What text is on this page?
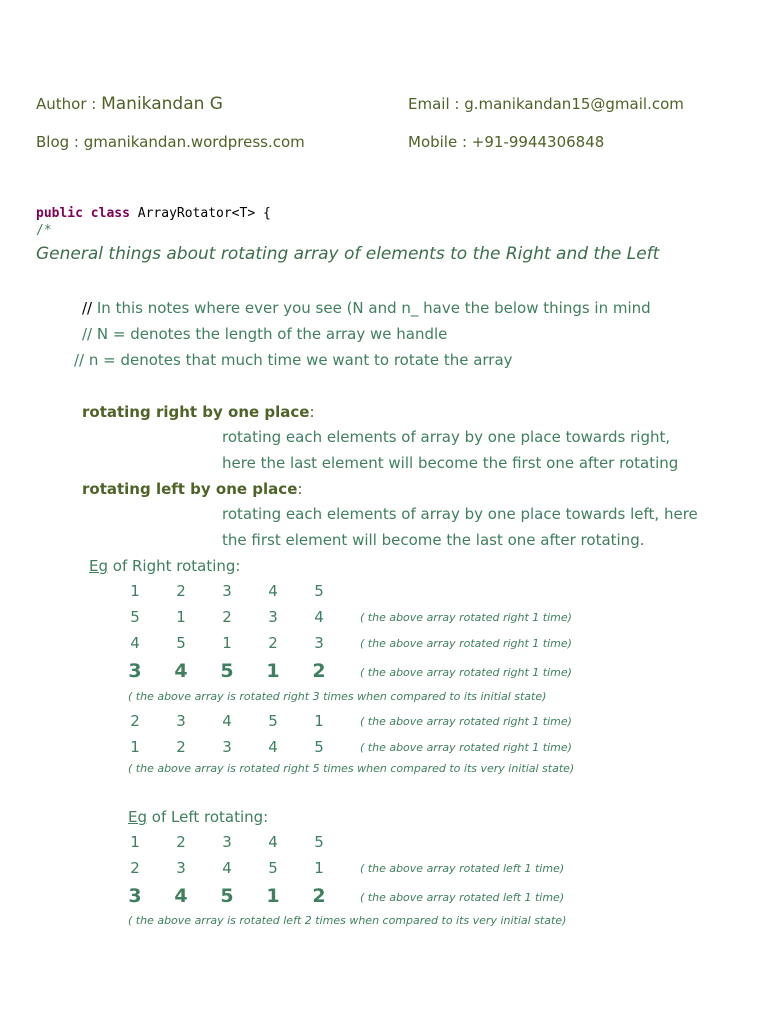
Author : Manikandan G	Email : g.manikandan15@gmail.com
Blog : gmanikandan.wordpress.com	Mobile : +91-9944306848
public class ArrayRotator<T> {
/*
General things about rotating array of elements to the Right and the Left
// In this notes where ever you see (N and n_ have the below things in mind
// N = denotes the length of the array we handle
// n = denotes that much time we want to rotate the array
rotating right by one place:
rotating each elements of array by one place towards right,
here the last element will become the first one after rotating
rotating left by one place:
rotating each elements of array by one place towards left, here
the first element will become the last one after rotating.
Eg of Right rotating:
1	2	3	4	5
5	1	2	3	4	( the above array rotated right 1 time)
4	5	1	2	3	( the above array rotated right 1 time)
3 4 5 1 2	( the above array rotated right 1 time)
( the above array is rotated right 3 times when compared to its initial state)
2	3	4	5	1	( the above array rotated right 1 time)
1	2	3	4	5	( the above array rotated right 1 time)
( the above array is rotated right 5 times when compared to its very initial state)
Eg of Left rotating:
1	2	3	4	5
2	3	4	5	1	( the above array rotated left 1 time)
3 4 5 1 2	( the above array rotated left 1 time)
( the above array is rotated left 2 times when compared to its very initial state)
